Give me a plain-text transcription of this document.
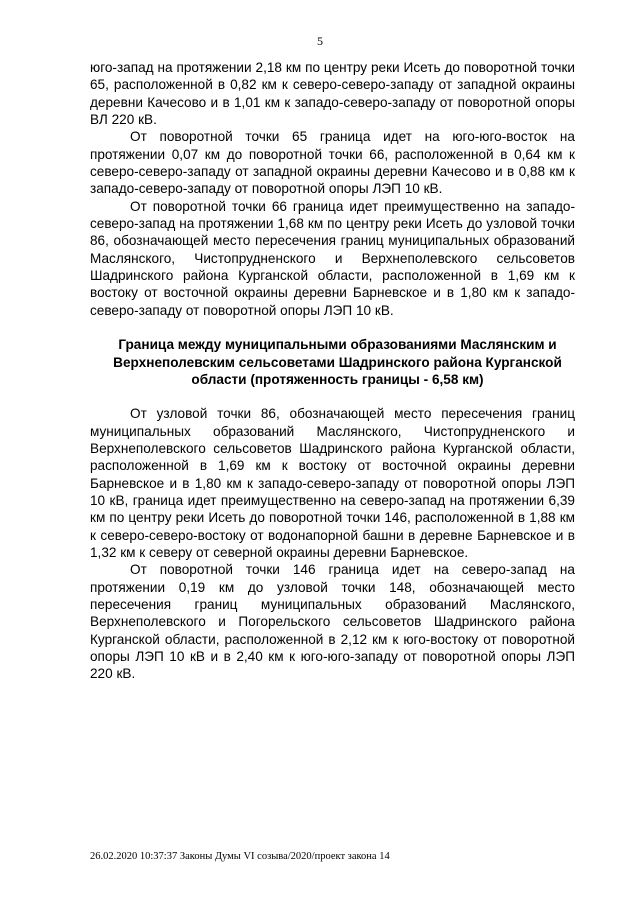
5

юго-запад на протяжении 2,18 км по центру реки Исеть до поворотной точки 65, расположенной в 0,82 км к северо-северо-западу от западной окраины деревни Качесово и в 1,01 км к западо-северо-западу от поворотной опоры ВЛ 220 кВ.

От поворотной точки 65 граница идет на юго-юго-восток на протяжении 0,07 км до поворотной точки 66, расположенной в 0,64 км к северо-северо-западу от западной окраины деревни Качесово и в 0,88 км к западо-северо-западу от поворотной опоры ЛЭП 10 кВ.

От поворотной точки 66 граница идет преимущественно на западо-северо-запад на протяжении 1,68 км по центру реки Исеть до узловой точки 86, обозначающей место пересечения границ муниципальных образований Маслянского, Чистопрудненского и Верхнеполевского сельсоветов Шадринского района Курганской области, расположенной в 1,69 км к востоку от восточной окраины деревни Барневское и в 1,80 км к западо-северо-западу от поворотной опоры ЛЭП 10 кВ.

Граница между муниципальными образованиями Маслянским и Верхнеполевским сельсоветами Шадринского района Курганской области (протяженность границы - 6,58 км)

От узловой точки 86, обозначающей место пересечения границ муниципальных образований Маслянского, Чистопрудненского и Верхнеполевского сельсоветов Шадринского района Курганской области, расположенной в 1,69 км к востоку от восточной окраины деревни Барневское и в 1,80 км к западо-северо-западу от поворотной опоры ЛЭП 10 кВ, граница идет преимущественно на северо-запад на протяжении 6,39 км по центру реки Исеть до поворотной точки 146, расположенной в 1,88 км к северо-северо-востоку от водонапорной башни в деревне Барневское и в 1,32 км к северу от северной окраины деревни Барневское.

От поворотной точки 146 граница идет на северо-запад на протяжении 0,19 км до узловой точки 148, обозначающей место пересечения границ муниципальных образований Маслянского, Верхнеполевского и Погорельского сельсоветов Шадринского района Курганской области, расположенной в 2,12 км к юго-востоку от поворотной опоры ЛЭП 10 кВ и в 2,40 км к юго-юго-западу от поворотной опоры ЛЭП 220 кВ.

26.02.2020 10:37:37 Законы Думы VI созыва/2020/проект закона 14
